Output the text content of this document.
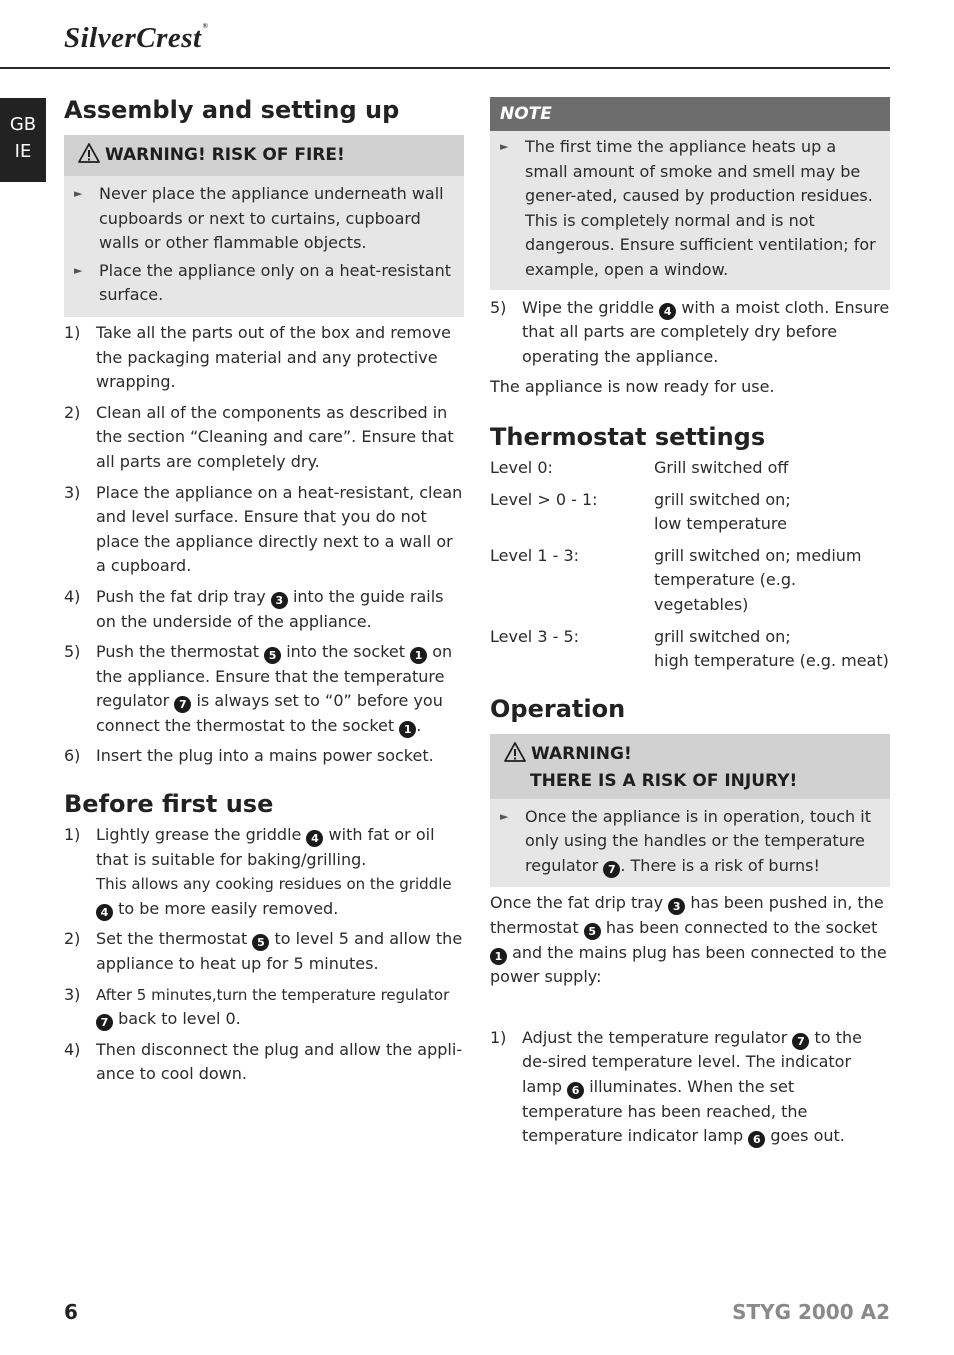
SilverCrest®
GB
IE
Assembly and setting up
WARNING! RISK OF FIRE!
►	Never place the appliance underneath wall cupboards or next to curtains, cupboard walls or other flammable objects.
►	Place the appliance only on a heat-resistant surface.
1) Take all the parts out of the box and remove the packaging material and any protective wrapping.
2) Clean all of the components as described in the section “Cleaning and care”. Ensure that all parts are completely dry.
3) Place the appliance on a heat-resistant, clean and level surface. Ensure that you do not place the appliance directly next to a wall or a cupboard.
4) Push the fat drip tray 3 into the guide rails on the underside of the appliance.
5) Push the thermostat 5 into the socket 1 on the appliance. Ensure that the temperature regulator 7 is always set to “0” before you connect the thermostat to the socket 1 .
6) Insert the plug into a mains power socket.
Before first use
1) Lightly grease the griddle 4 with fat or oil that is suitable for baking/grilling.
This allows any cooking residues on the griddle 4 to be more easily removed.
2) Set the thermostat 5 to level 5 and allow the appliance to heat up for 5 minutes.
3)	After 5 minutes,turn the temperature regulator 7 back to level 0.
4) Then disconnect the plug and allow the appli-ance to cool down.
NOTE
►	The first time the appliance heats up a small amount of smoke and smell may be gener-ated, caused by production residues. This is completely normal and is not dangerous. Ensure sufficient ventilation; for example, open a window.
5) Wipe the griddle 4 with a moist cloth. Ensure that all parts are completely dry before operating the appliance.
The appliance is now ready for use.
Thermostat settings
Level 0:	Grill switched off
Level > 0 - 1:	grill switched on;
low temperature
Level 1 - 3:	grill switched on; medium
temperature (e.g. vegetables)
Level 3 - 5:	grill switched on;
high temperature (e.g. meat)
Operation
WARNING!
THERE IS A RISK OF INJURY!
►	Once the appliance is in operation, touch it only using the handles or the temperature regulator 7 . There is a risk of burns!
Once the fat drip tray 3 has been pushed in, the thermostat 5 has been connected to the socket 1 and the mains plug has been connected to the power supply:
1) Adjust the temperature regulator 7 to the de-sired temperature level. The indicator lamp 6 illuminates. When the set temperature has been reached, the temperature indicator lamp 6 goes out.
6	STYG 2000 A2
